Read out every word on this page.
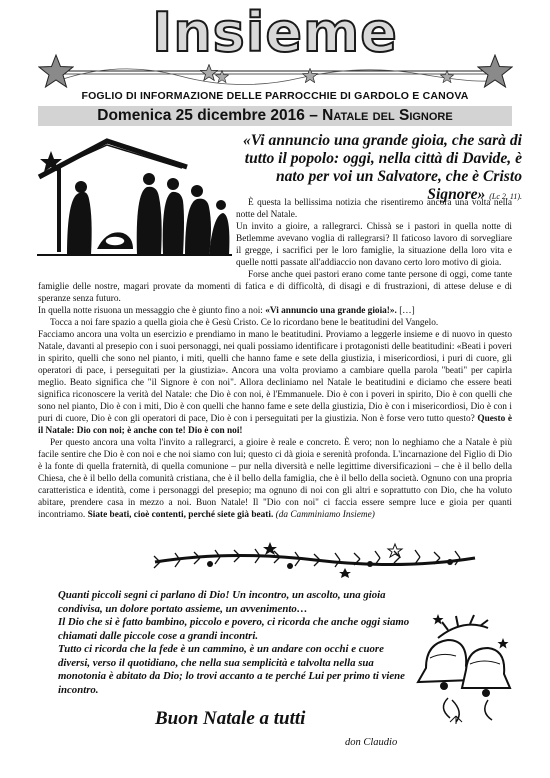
Insieme
FOGLIO DI INFORMAZIONE DELLE PARROCCHIE DI GARDOLO E CANOVA
Domenica 25 dicembre 2016 – Natale del Signore
«Vi annuncio una grande gioia, che sarà di tutto il popolo: oggi, nella città di Davide, è nato per voi un Salvatore, che è Cristo Signore» (Lc 2, 11).

È questa la bellissima notizia che risentiremo ancora una volta nella notte del Natale.

Un invito a gioire, a rallegrarci. Chissà se i pastori in quella notte di Betlemme avevano voglia di rallegrarsi? Il faticoso lavoro di sorvegliare il gregge, i sacrifici per le loro famiglie, la situazione della loro vita e quelle notti passate all'addiaccio non davano certo loro motivo di gioia.

Forse anche quei pastori erano come tante persone di oggi, come tante famiglie delle nostre, magari provate da momenti di fatica e di difficoltà, di disagi e di frustrazioni, di attese deluse e di speranze senza futuro.

In quella notte risuona un messaggio che è giunto fino a noi: «Vi annuncio una grande gioia!». […]

Tocca a noi fare spazio a quella gioia che è Gesù Cristo. Ce lo ricordano bene le beatitudini del Vangelo.

Facciamo ancora una volta un esercizio e prendiamo in mano le beatitudini. Proviamo a leggerle insieme e di nuovo in questo Natale, davanti al presepio con i suoi personaggi, nei quali possiamo identificare i protagonisti delle beatitudini: «Beati i poveri in spirito, quelli che sono nel pianto, i miti, quelli che hanno fame e sete della giustizia, i misericordiosi, i puri di cuore, gli operatori di pace, i perseguitati per la giustizia». Ancora una volta proviamo a cambiare quella parola "beati" per capirla meglio. Beato significa che "il Signore è con noi". Allora decliniamo nel Natale le beatitudini e diciamo che essere beati significa riconoscere la verità del Natale: che Dio è con noi, è l'Emmanuele. Dio è con i poveri in spirito, Dio è con quelli che sono nel pianto, Dio è con i miti, Dio è con quelli che hanno fame e sete della giustizia, Dio è con i misericordiosi, Dio è con i puri di cuore, Dio è con gli operatori di pace, Dio è con i perseguitati per la giustizia. Non è forse vero tutto questo? Questo è il Natale: Dio con noi; è anche con te! Dio è con noi!

Per questo ancora una volta l'invito a rallegrarci, a gioire è reale e concreto. È vero; non lo neghiamo che a Natale è più facile sentire che Dio è con noi e che noi siamo con lui; questo ci dà gioia e serenità profonda. L'incarnazione del Figlio di Dio è la fonte di quella fraternità, di quella comunione – pur nella diversità e nelle legittime diversificazioni – che è il bello della Chiesa, che è il bello della comunità cristiana, che è il bello della famiglia, che è il bello della società. Ognuno con una propria caratteristica e identità, come i personaggi del presepio; ma ognuno di noi con gli altri e soprattutto con Dio, che ha voluto abitare, prendere casa in mezzo a noi. Buon Natale! Il "Dio con noi" ci faccia essere sempre luce e gioia per quanti incontriamo. Siate beati, cioè contenti, perché siete già beati. (da Camminiamo Insieme)

Quanti piccoli segni ci parlano di Dio! Un incontro, un ascolto, una gioia condivisa, un dolore portato assieme, un avvenimento…

Il Dio che si è fatto bambino, piccolo e povero, ci ricorda che anche oggi siamo chiamati dalle piccole cose a grandi incontri.

Tutto ci ricorda che la fede è un cammino, è un andare con occhi e cuore diversi, verso il quotidiano, che nella sua semplicità e talvolta nella sua monotonia è abitato da Dio; lo trovi accanto a te perché Lui per primo ti viene incontro.

Buon Natale a tutti
don Claudio
